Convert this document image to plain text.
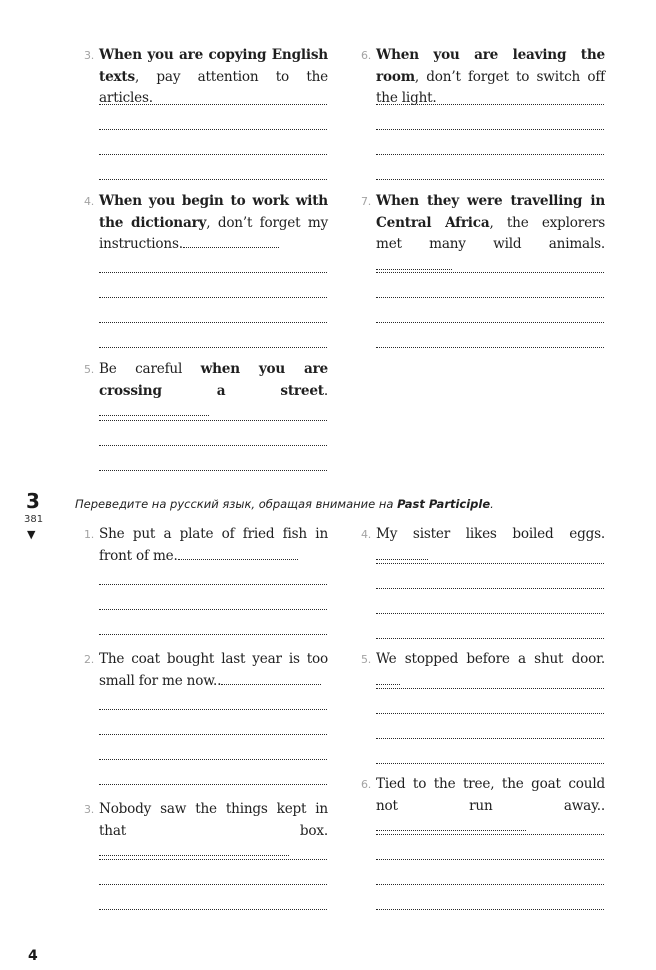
3. When you are copying English texts, pay attention to the articles.
6. When you are leaving the room, don’t forget to switch off the light.
4. When you begin to work with the dictionary, don’t forget my instructions.
7. When they were travelling in Central Africa, the explorers met many wild animals.
5. Be careful when you are crossing a street.
3
381
▼
Переведите на русский язык, обращая внимание на Past Participle.
1. She put a plate of fried fish in front of me.
4. My sister likes boiled eggs.
2. The coat bought last year is too small for me now..
5. We stopped before a shut door.
6. Tied to the tree, the goat could not run away..
3. Nobody saw the things kept in that box.
4
